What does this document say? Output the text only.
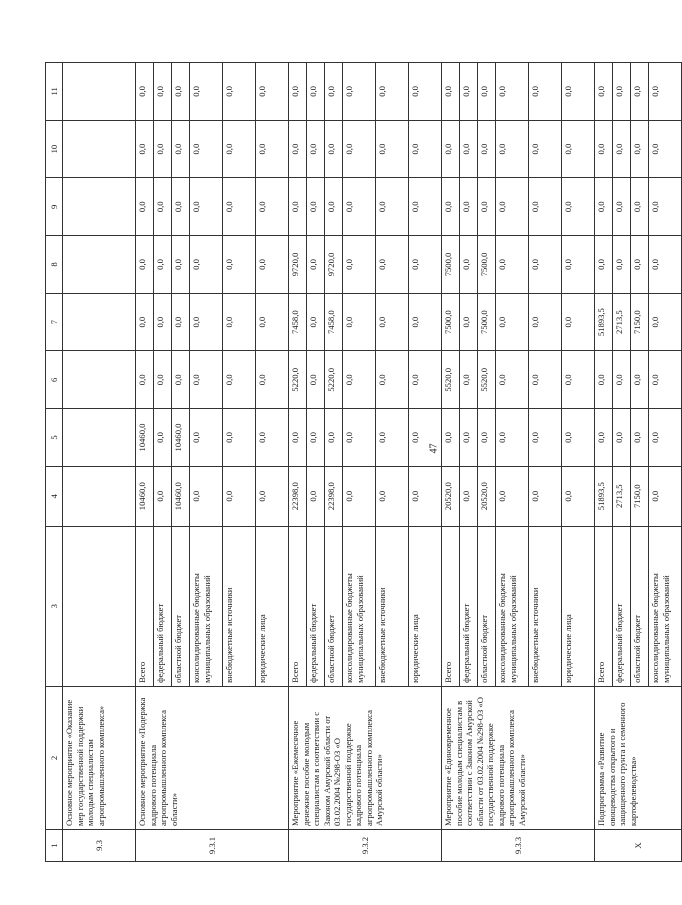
47
1	2	3	4	5	6	7	8	9	10	11
9.3	Основное мероприятие «Оказание мер государственной поддержки молодым специалистам агропромышленного комплекса»									
9.3.1	Основное мероприятие «Подержка кадрового потенциала агропромышленного комплекса области»	Всего	10460,0	10460,0	0,0	0,0	0,0	0,0	0,0	0,0
		федеральный бюджет	0,0	0,0	0,0	0,0	0,0	0,0	0,0	0,0
		областной бюджет	10460,0	10460,0	0,0	0,0	0,0	0,0	0,0	0,0
		консолидированные бюджеты муниципальных образований	0,0	0,0	0,0	0,0	0,0	0,0	0,0	0,0
		внебюджетные источники	0,0	0,0	0,0	0,0	0,0	0,0	0,0	0,0
		юридические лица	0,0	0,0	0,0	0,0	0,0	0,0	0,0	0,0
9.3.2	Мероприятие «Ежемесячное денежное пособие молодым специалистам в соответствии с Законом Амурской области от 03.02.2004 №298-ОЗ «О государственной поддержке кадрового потенциала агропромышленного комплекса Амурской области»	Всего	22398,0	0,0	5220,0	7458,0	9720,0	0,0	0,0	0,0
		федеральный бюджет	0,0	0,0	0,0	0,0	0,0	0,0	0,0	0,0
		областной бюджет	22398,0	0,0	5220,0	7458,0	9720,0	0,0	0,0	0,0
		консолидированные бюджеты муниципальных образований	0,0	0,0	0,0	0,0	0,0	0,0	0,0	0,0
		внебюджетные источники	0,0	0,0	0,0	0,0	0,0	0,0	0,0	0,0
		юридические лица	0,0	0,0	0,0	0,0	0,0	0,0	0,0	0,0
9.3.3	Мероприятие «Единовременное пособие молодым специалистам в соответствии с Законом Амурской области от 03.02.2004 №298-ОЗ «О государственной поддержке кадрового потенциала агропромышленного комплекса Амурской области»	Всего	20520,0	0,0	5520,0	7500,0	7500,0	0,0	0,0	0,0
		федеральный бюджет	0,0	0,0	0,0	0,0	0,0	0,0	0,0	0,0
		областной бюджет	20520,0	0,0	5520,0	7500,0	7500,0	0,0	0,0	0,0
		консолидированные бюджеты муниципальных образований	0,0	0,0	0,0	0,0	0,0	0,0	0,0	0,0
		внебюджетные источники	0,0	0,0	0,0	0,0	0,0	0,0	0,0	0,0
		юридические лица	0,0	0,0	0,0	0,0	0,0	0,0	0,0	0,0
X	Подпрограмма «Развитие овощеводства открытого и защищенного грунта и семенного картофелеводства»	Всего	51893,5	0,0	0,0	51893,5	0,0	0,0	0,0	0,0
		федеральный бюджет	2713,5	0,0	0,0	2713,5	0,0	0,0	0,0	0,0
		областной бюджет	7150,0	0,0	0,0	7150,0	0,0	0,0	0,0	0,0
		консолидированные бюджеты муниципальных образований	0,0	0,0	0,0	0,0	0,0	0,0	0,0	0,0
